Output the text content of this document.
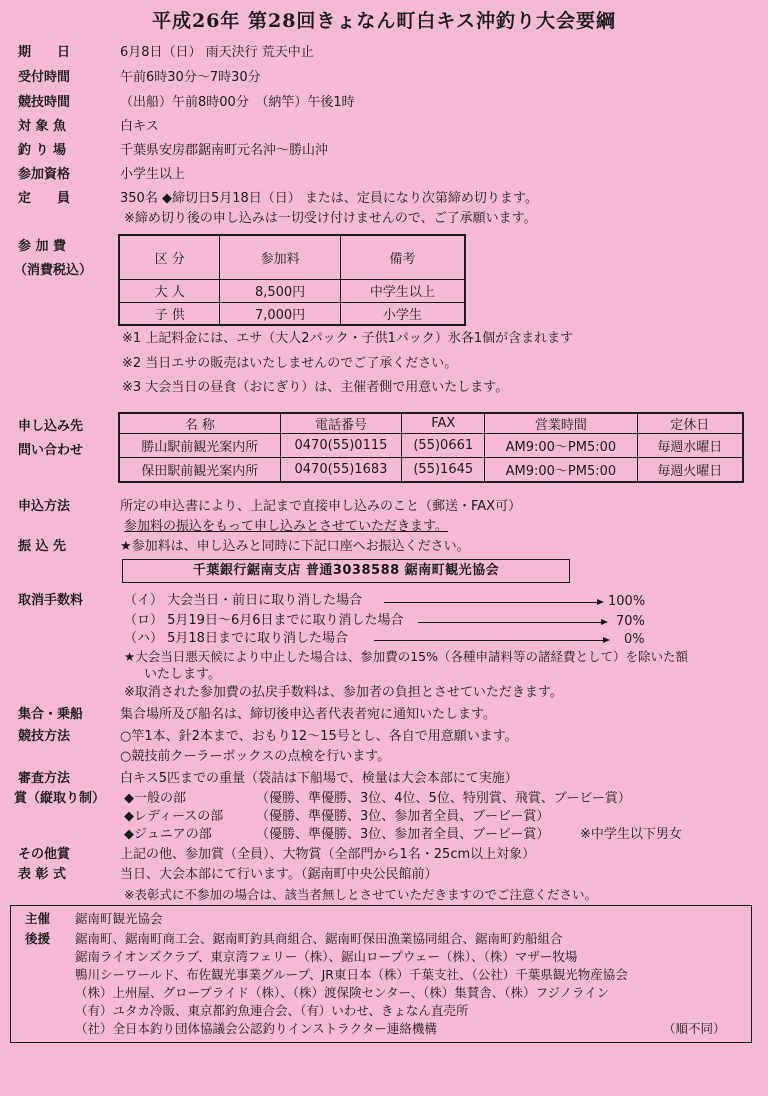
平成26年 第28回きょなん町白キス沖釣り大会要綱
期　　日	6月8日（日） 雨天決行 荒天中止
受付時間	午前6時30分～7時30分
競技時間	（出船）午前8時00分　（納竿）午後1時
対 象 魚	白キス
釣 り 場	千葉県安房郡鋸南町元名沖～勝山沖
参加資格	小学生以上
定　　員	350名 ◆締切日5月18日（日） または、定員になり次第締め切ります。
※締め切り後の申し込みは一切受け付けませんので、ご了承願います。
参 加 費
（消費税込）
区 分	参加料	備考
大 人	8,500円	中学生以上
子 供	7,000円	小学生
※1 上記料金には、エサ（大人2パック・子供1パック）氷各1個が含まれます
※2 当日エサの販売はいたしませんのでご了承ください。
※3 大会当日の昼食（おにぎり）は、主催者側で用意いたします。
申し込み先
問い合わせ
名 称	電話番号	FAX	営業時間	定休日
勝山駅前観光案内所	0470(55)0115	(55)0661	AM9:00～PM5:00	毎週水曜日
保田駅前観光案内所	0470(55)1683	(55)1645	AM9:00～PM5:00	毎週火曜日
申込方法	所定の申込書により、上記まで直接申し込みのこと（郵送・FAX可）
参加料の振込をもって申し込みとさせていただきます。
振 込 先	★参加料は、申し込みと同時に下記口座へお振込ください。
千葉銀行鋸南支店 普通3038588 鋸南町観光協会
取消手数料	（イ） 大会当日・前日に取り消した場合	100%
（ロ） 5月19日～6月6日までに取り消した場合	70%
（ハ） 5月18日までに取り消した場合	0%
★大会当日悪天候により中止した場合は、参加費の15%（各種申請料等の諸経費として）を除いた額
いたします。
※取消された参加費の払戻手数料は、参加者の負担とさせていただきます。
集合・乗船	集合場所及び船名は、締切後申込者代表者宛に通知いたします。
競技方法	○竿1本、針2本まで、おもり12～15号とし、各自で用意願います。
○競技前クーラーボックスの点検を行います。
審査方法	白キス5匹までの重量（袋詰は下船場で、検量は大会本部にて実施）
賞（縦取り制） ◆一般の部	（優勝、準優勝、3位、4位、5位、特別賞、飛賞、ブービー賞）
◆レディースの部	（優勝、準優勝、3位、参加者全員、ブービー賞）
◆ジュニアの部	（優勝、準優勝、3位、参加者全員、ブービー賞） ※中学生以下男女
その他賞	上記の他、参加賞（全員）、大物賞（全部門から1名・25cm以上対象）
表 彰 式	当日、大会本部にて行います。（鋸南町中央公民館前）
※表彰式に不参加の場合は、該当者無しとさせていただきますのでご注意ください。
主催 鋸南町観光協会
後援 鋸南町、鋸南町商工会、鋸南町釣具商組合、鋸南町保田漁業協同組合、鋸南町釣船組合
鋸南ライオンズクラブ、東京湾フェリー（株）、鋸山ロープウェー（株）、（株）マザー牧場
鴨川シーワールド、布佐観光事業グループ、JR東日本（株）千葉支社、（公社）千葉県観光物産協会
（株）上州屋、グロープライド（株）、（株）渡保険センター、（株）集賛舎、（株）フジノライン
（有）ユタカ冷販、東京都釣魚連合会、（有）いわせ、きょなん直売所
（社）全日本釣り団体協議会公認釣りインストラクター連絡機構	（順不同）
